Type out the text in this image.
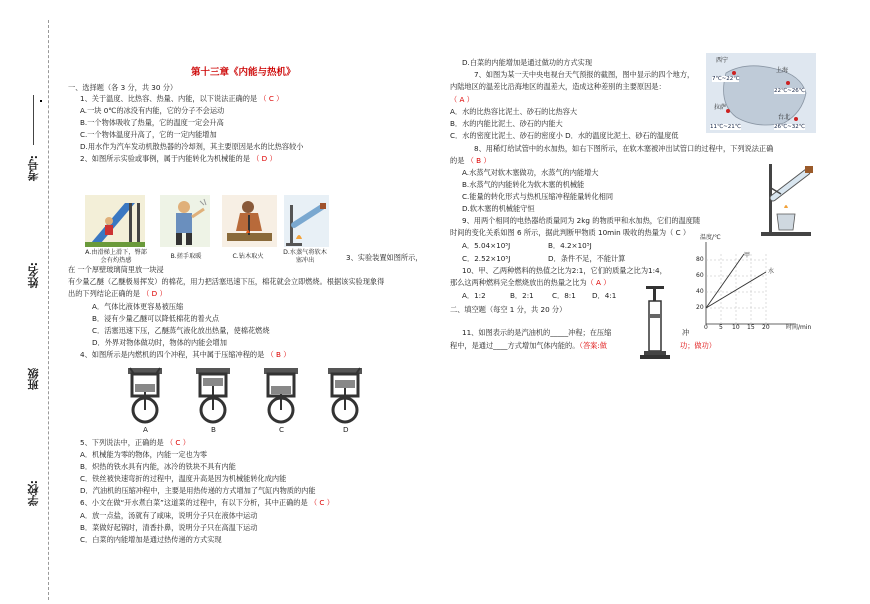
考号:
姓名:
班级
学校:
第十三章《内能与热机》
一、选择题（各 3 分，共 30 分）
1、关于温度、比热容、热量、内能，以下说法正确的是 （ C ）
A.一块 0℃的冰没有内能，它的分子不会运动
B.一个物体吸收了热量，它的温度一定会升高
C.一个物体温度升高了，它的一定内能增加
D.用水作为汽车发动机散热器的冷却剂，其主要原因是水的比热容较小
2、如图所示实验或事例，属于内能转化为机械能的是 （ D ）
A.由滑梯上滑下，臀部会有灼热感
B.搓手取暖	C.钻木取火
D.水蒸气将软木塞冲出	3、实验装置如图所示，
在 一个厚壁玻璃筒里放一块浸
有少量乙醚（乙醚极易挥发）的棉花，用力把活塞迅速下压，棉花就会立即燃烧。根据该实验现象得
出的下列结论正确的是 （ D ）
A．气体比液体更容易被压缩
B．浸有少量乙醚可以降低棉花的着火点
C．活塞迅速下压，乙醚蒸气液化放出热量，使棉花燃烧
D．外界对物体做功时，物体的内能会增加
4、如图所示是内燃机的四个冲程，其中属于压缩冲程的是 （ B ）
A	B	C	D
5、下列说法中，正确的是 （ C ）
A．机械能为零的物体，内能一定也为零
B．炽热的铁水具有内能，冰冷的铁块不具有内能
C．铁丝被快速弯折的过程中，温度升高是因为机械能转化成内能
D．汽油机的压缩冲程中，主要是用热传递的方式增加了气缸内物质的内能
6、小文在做“开水煮白菜”这道菜的过程中，有以下分析，其中正确的是 （ C ）
A．放一点盐，汤就有了咸味，说明分子只在液体中运动
B．菜做好起锅时，清香扑鼻，说明分子只在高温下运动
C．白菜的内能增加是通过热传递的方式实现
D.白菜的内能增加是通过做功的方式实现
7、如图为某一天中央电视台天气预报的截图，图中显示的四个地方，
内陆地区的温差比沿海地区的温差大，造成这种差别的主要原因是：
（ A ）
A．水的比热容比泥土、砂石的比热容大
B．水的内能比泥土、砂石的内能大
C．水的密度比泥土、砂石的密度小 D．水的温度比泥土、砂石的温度低
西宁
7℃~22℃
上海
22℃~26℃
拉萨
11℃~21℃
台北
26℃~32℃
8、用稀灯给试管中的水加热，如右下图所示，在软木塞被冲出试管口的过程中，下列说法正确
的是 （ B ）
A.水蒸气对软木塞做功，水蒸气的内能增大
B.水蒸气的内能转化为软木塞的机械能
C.能量的转化形式与热机压缩冲程能量转化相同
D.软木塞的机械能守恒
9、用两个相同的电热器给质量同为 2kg 的物质甲和水加热，它们的温度随
时间的变化关系如图 6 所示，据此判断甲物质 10min 吸收的热量为（ C ）
A．5.04×10⁵J	B．4.2×10⁵J
C．2.52×10⁵J	D．条件不足，不能计算
10、甲、乙两种燃料的热值之比为2:1，它们的质量之比为1:4，
那么这两种燃料完全燃烧放出的热量之比为（ A ）
A．1:2	B．2:1	C．8:1 D．4:1
二、填空题（每空 1 分，共 20 分）
温度/℃
80
60
40
20
0 5 10 15 20	时间/min
甲
水
11、如图表示的是汽油机的_____冲程；在压缩	冲
程中，是通过____方式增加气体内能的。（答案:做	功；做功）
